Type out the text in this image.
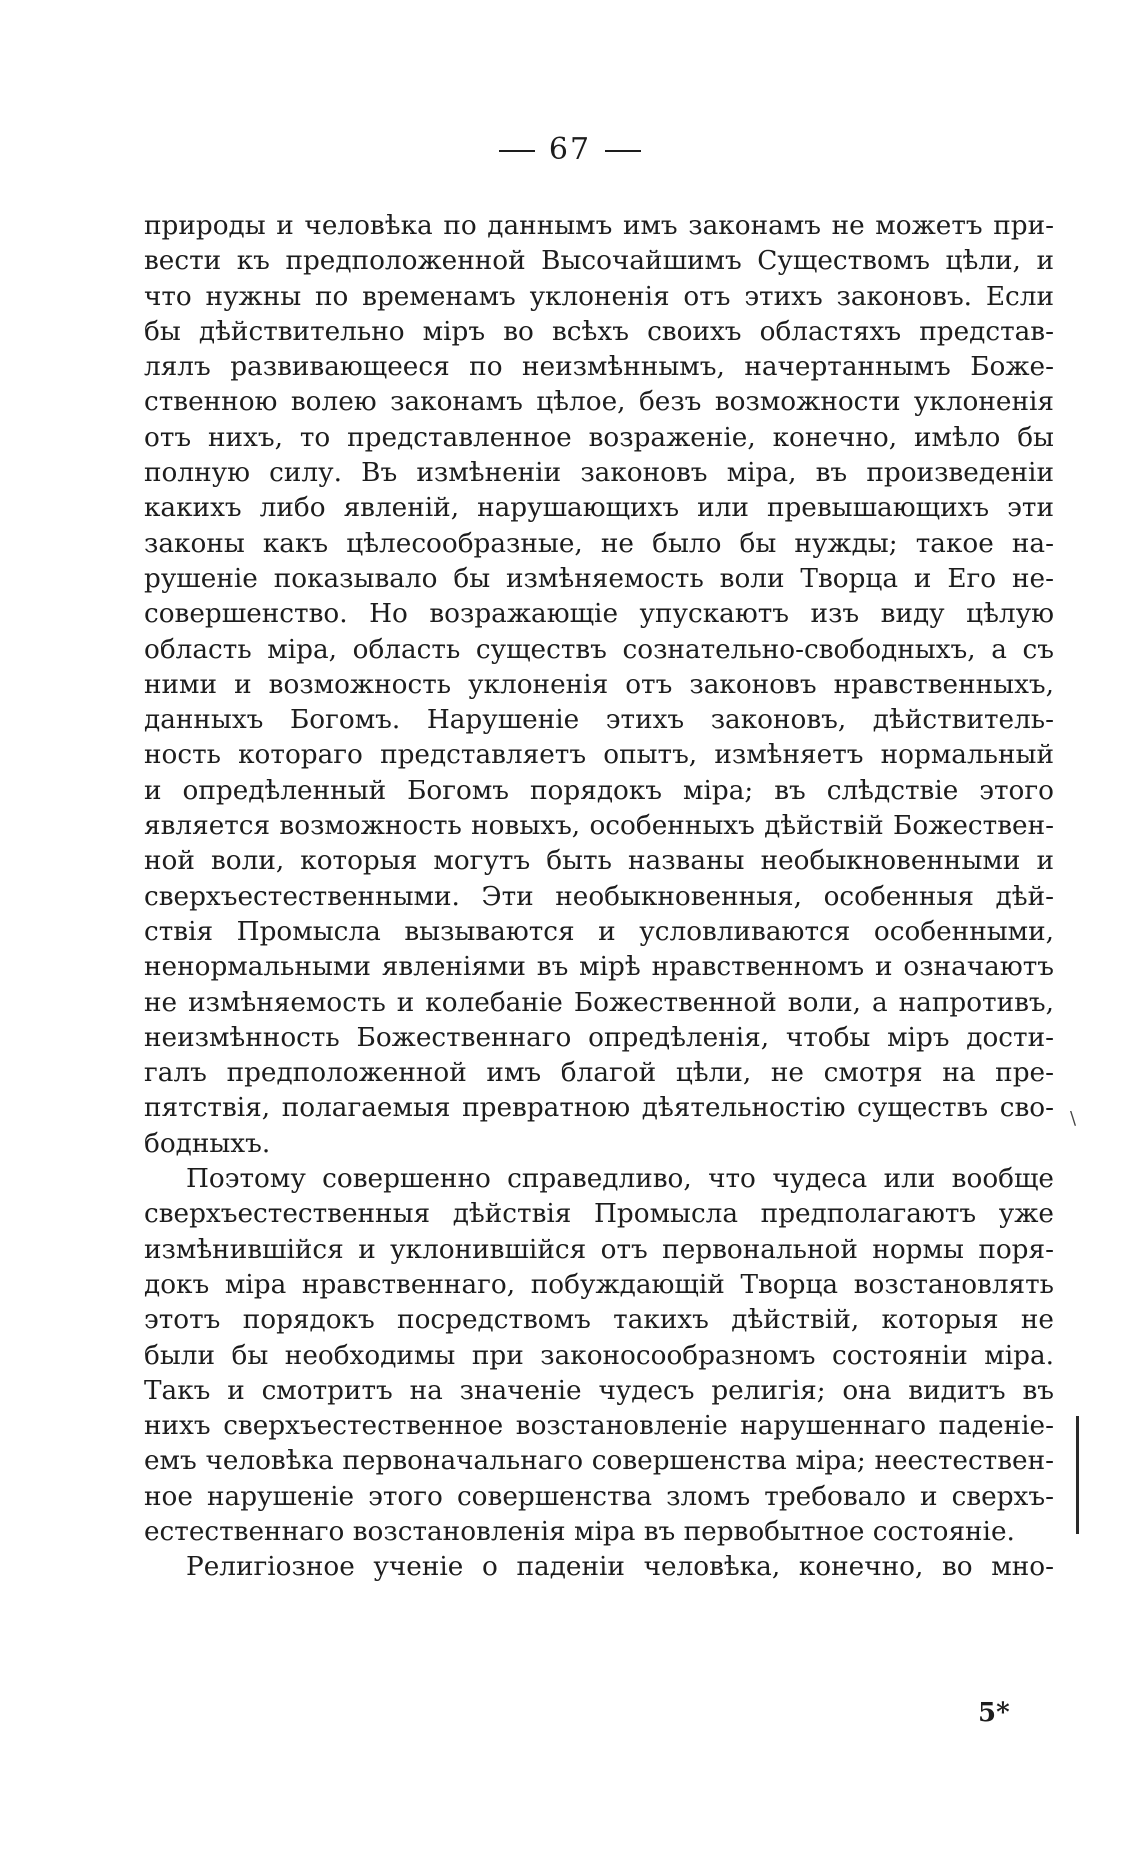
67
природы и человѣка по даннымъ имъ законамъ не можетъ при-
вести къ предположенной Высочайшимъ Существомъ цѣли, и
что нужны по временамъ уклоненія отъ этихъ законовъ. Если
бы дѣйствительно міръ во всѣхъ своихъ областяхъ представ-
лялъ развивающееся по неизмѣннымъ, начертаннымъ Боже-
ственною волею законамъ цѣлое, безъ возможности уклоненія
отъ нихъ, то представленное возраженіе, конечно, имѣло бы
полную силу. Въ измѣненіи законовъ міра, въ произведеніи
какихъ либо явленій, нарушающихъ или превышающихъ эти
законы какъ цѣлесообразные, не было бы нужды; такое на-
рушеніе показывало бы измѣняемость воли Творца и Его не-
совершенство. Но возражающіе упускаютъ изъ виду цѣлую
область міра, область существъ сознательно-свободныхъ, а съ
ними и возможность уклоненія отъ законовъ нравственныхъ,
данныхъ Богомъ. Нарушеніе этихъ законовъ, дѣйствитель-
ность котораго представляетъ опытъ, измѣняетъ нормальный
и опредѣленный Богомъ порядокъ міра; въ слѣдствіе этого
является возможность новыхъ, особенныхъ дѣйствій Божествен-
ной воли, которыя могутъ быть названы необыкновенными и
сверхъестественными. Эти необыкновенныя, особенныя дѣй-
ствія Промысла вызываются и условливаются особенными,
ненормальными явленіями въ мірѣ нравственномъ и означаютъ
не измѣняемость и колебаніе Божественной воли, а напротивъ,
неизмѣнность Божественнаго опредѣленія, чтобы міръ дости-
галъ предположенной имъ благой цѣли, не смотря на пре-
пятствія, полагаемыя превратною дѣятельностію существъ сво-
бодныхъ.
Поэтому совершенно справедливо, что чудеса или вообще
сверхъестественныя дѣйствія Промысла предполагаютъ уже
измѣнившійся и уклонившійся отъ первональной нормы поря-
докъ міра нравственнаго, побуждающій Творца возстановлять
этотъ порядокъ посредствомъ такихъ дѣйствій, которыя не
были бы необходимы при законосообразномъ состояніи міра.
Такъ и смотритъ на значеніе чудесъ религія; она видитъ въ
нихъ сверхъестественное возстановленіе нарушеннаго паденіе-
емъ человѣка первоначальнаго совершенства міра; неестествен-
ное нарушеніе этого совершенства зломъ требовало и сверхъ-
естественнаго возстановленія міра въ первобытное состояніе.
Религіозное ученіе о паденіи человѣка, конечно, во мно-
\
5*
